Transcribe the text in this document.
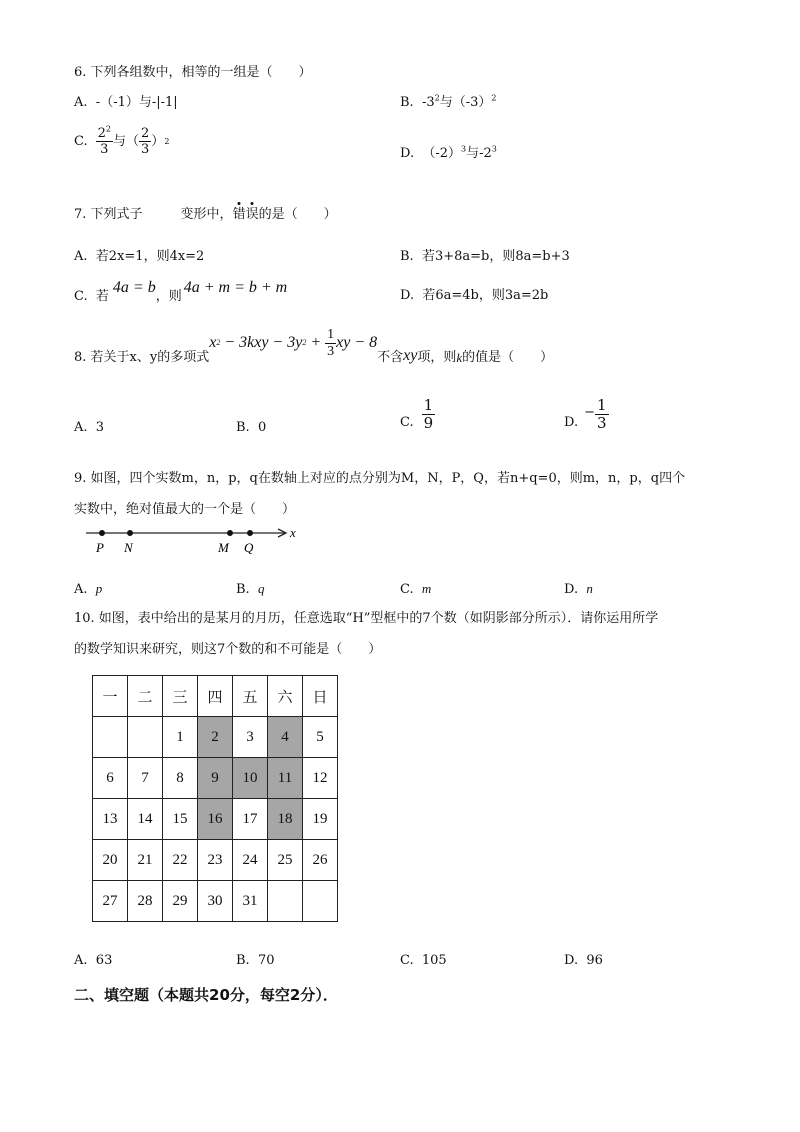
6. 下列各组数中，相等的一组是（　　）
A. -（-1）与-|-1|	B. $-3^2$与$(-3)^2$
C. $\frac{2^2}{3}$ 与（ $\frac{2}{3}$ ） 2
D. $(-2)^3$与$-2^3$
7. 下列式子	变形中，错误的是（　　）
A. 若2x=1，则4x=2	B. 若3+8a=b，则8a=b+3
C.
若
4a = b
，则
4a + m = b + m	D. 若6a=4b，则3a=2b
8. 若关于x、y的多项式
x 2 − 3kxy − 3y $2 + \frac{1}{3}$ xy − 8
不含 xy 项，则 k 的值是（　　）
A. 3	B. 0	C. $\frac{1}{9}$	D.
− $\frac{1}{3}$
9. 如图，四个实数m，n，p，q在数轴上对应的点分别为M，N，P，Q，若n+q=0，则m，n，p，q四个
实数中，绝对值最大的一个是（　　）
x
P N	M Q
A. p	B. q	C. m	D. n
10. 如图，表中给出的是某月的月历，任意选取“H”型框中的7个数（如阴影部分所示）．请你运用所学
的数学知识来研究，则这7个数的和不可能是（　　）
一	二	三	四	五	六	日
		1	2	3	4	5
6	7	8	9	10	11	12
13	14	15	16	17	18	19
20	21	22	23	24	25	26
27	28	29	30	31		
A. 63	B. 70	C. 105	D. 96
二、填空题（本题共20分，每空2分）．
